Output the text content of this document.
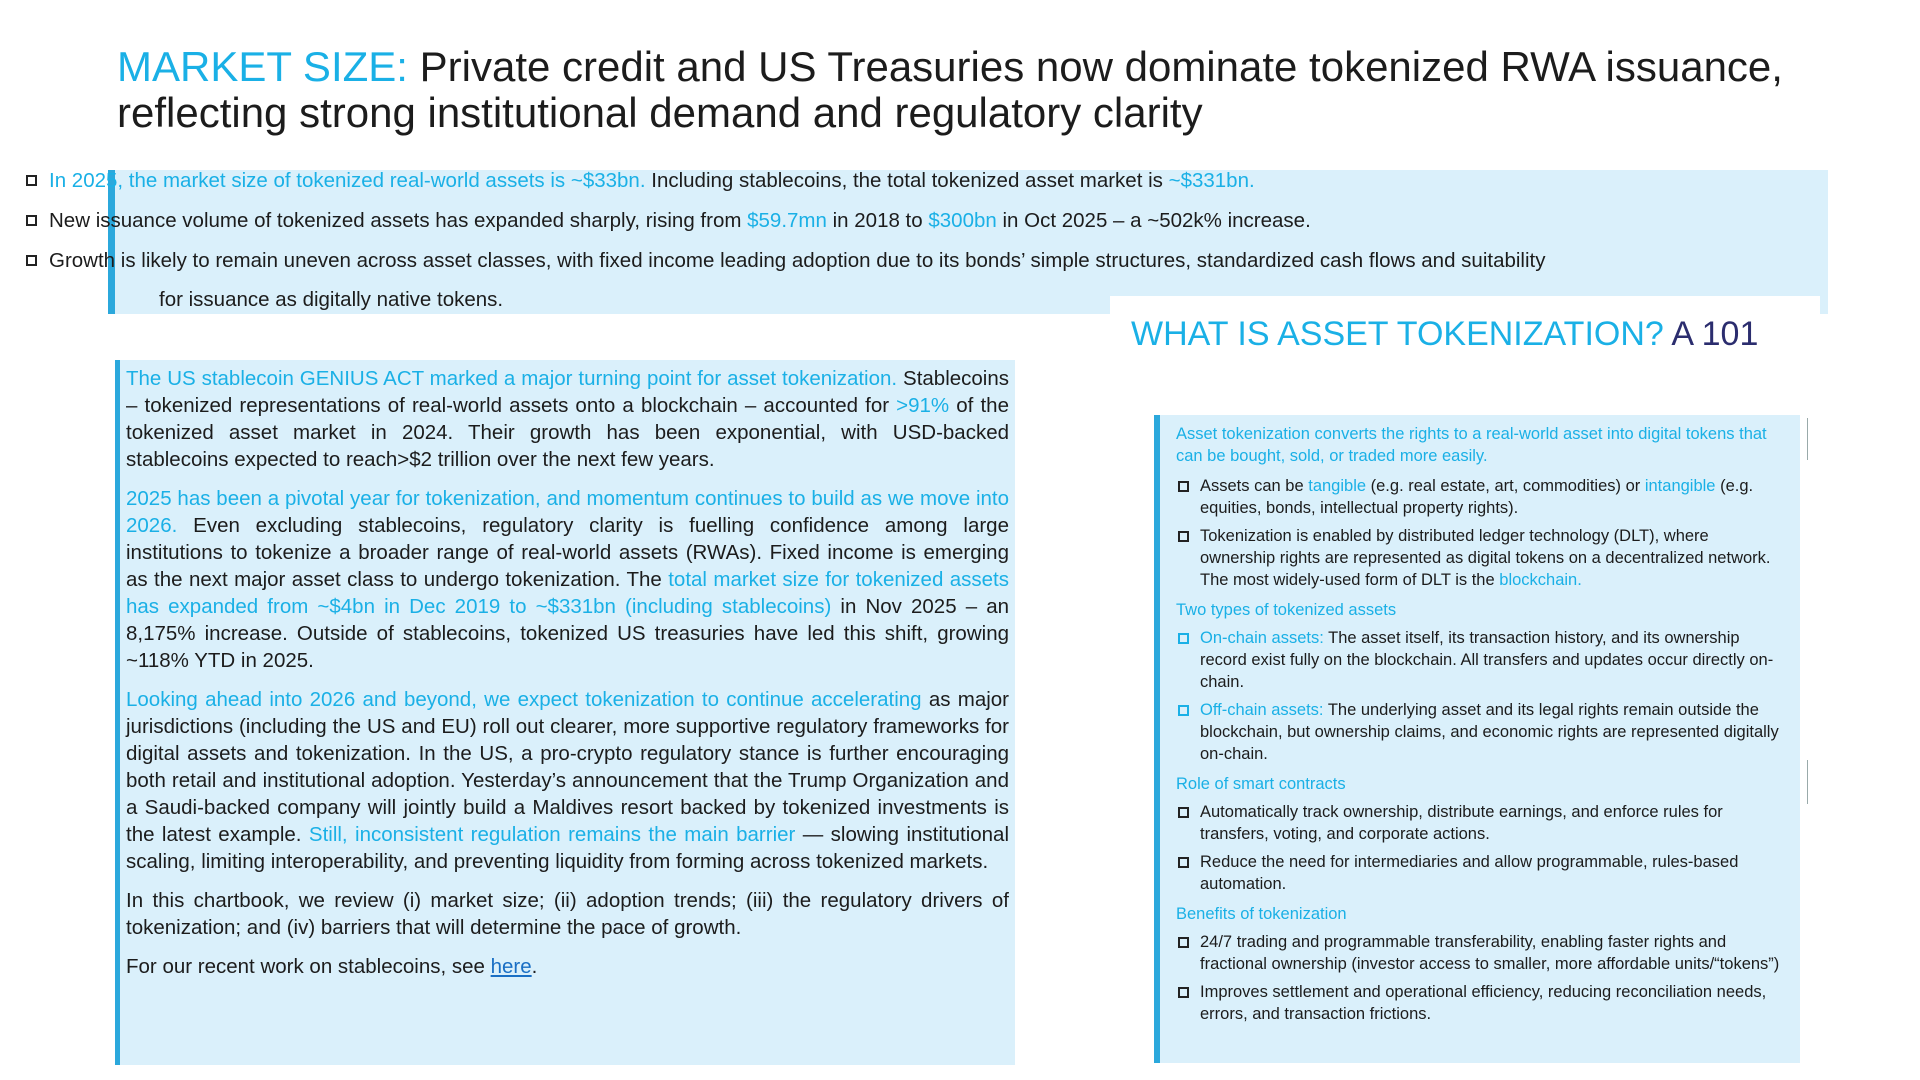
MARKET SIZE: Private credit and US Treasuries now dominate tokenized RWA issuance, reflecting strong institutional demand and regulatory clarity
In 2025, the market size of tokenized real-world assets is ~$33bn. Including stablecoins, the total tokenized asset market is ~$331bn.
New issuance volume of tokenized assets has expanded sharply, rising from $59.7mn in 2018 to $300bn in Oct 2025 – a ~502k% increase.
Growth is likely to remain uneven across asset classes, with fixed income leading adoption due to its bonds’ simple structures, standardized cash flows and suitability
for issuance as digitally native tokens.
WHAT IS ASSET TOKENIZATION? A 101

The US stablecoin GENIUS ACT marked a major turning point for asset tokenization. Stablecoins – tokenized representations of real-world assets onto a blockchain – accounted for >91% of the tokenized asset market in 2024. Their growth has been exponential, with USD-backed stablecoins expected to reach>$2 trillion over the next few years.

2025 has been a pivotal year for tokenization, and momentum continues to build as we move into 2026. Even excluding stablecoins, regulatory clarity is fuelling confidence among large institutions to tokenize a broader range of real-world assets (RWAs). Fixed income is emerging as the next major asset class to undergo tokenization. The total market size for tokenized assets has expanded from ~$4bn in Dec 2019 to ~$331bn (including stablecoins) in Nov 2025 – an 8,175% increase. Outside of stablecoins, tokenized US treasuries have led this shift, growing ~118% YTD in 2025.

Looking ahead into 2026 and beyond, we expect tokenization to continue accelerating as major jurisdictions (including the US and EU) roll out clearer, more supportive regulatory frameworks for digital assets and tokenization. In the US, a pro-crypto regulatory stance is further encouraging both retail and institutional adoption. Yesterday’s announcement that the Trump Organization and a Saudi-backed company will jointly build a Maldives resort backed by tokenized investments is the latest example. Still, inconsistent regulation remains the main barrier — slowing institutional scaling, limiting interoperability, and preventing liquidity from forming across tokenized markets.

In this chartbook, we review (i) market size; (ii) adoption trends; (iii) the regulatory drivers of tokenization; and (iv) barriers that will determine the pace of growth.

For our recent work on stablecoins, see here.

Asset tokenization converts the rights to a real-world asset into digital tokens that can be bought, sold, or traded more easily.

Assets can be tangible (e.g. real estate, art, commodities) or intangible (e.g. equities, bonds, intellectual property rights).
Tokenization is enabled by distributed ledger technology (DLT), where ownership rights are represented as digital tokens on a decentralized network. The most widely-used form of DLT is the blockchain.

Two types of tokenized assets

On-chain assets: The asset itself, its transaction history, and its ownership record exist fully on the blockchain. All transfers and updates occur directly on-chain.
Off-chain assets: The underlying asset and its legal rights remain outside the blockchain, but ownership claims, and economic rights are represented digitally on-chain.

Role of smart contracts

Automatically track ownership, distribute earnings, and enforce rules for transfers, voting, and corporate actions.
Reduce the need for intermediaries and allow programmable, rules-based automation.

Benefits of tokenization

24/7 trading and programmable transferability, enabling faster rights and fractional ownership (investor access to smaller, more affordable units/“tokens”)
Improves settlement and operational efficiency, reducing reconciliation needs, errors, and transaction frictions.
